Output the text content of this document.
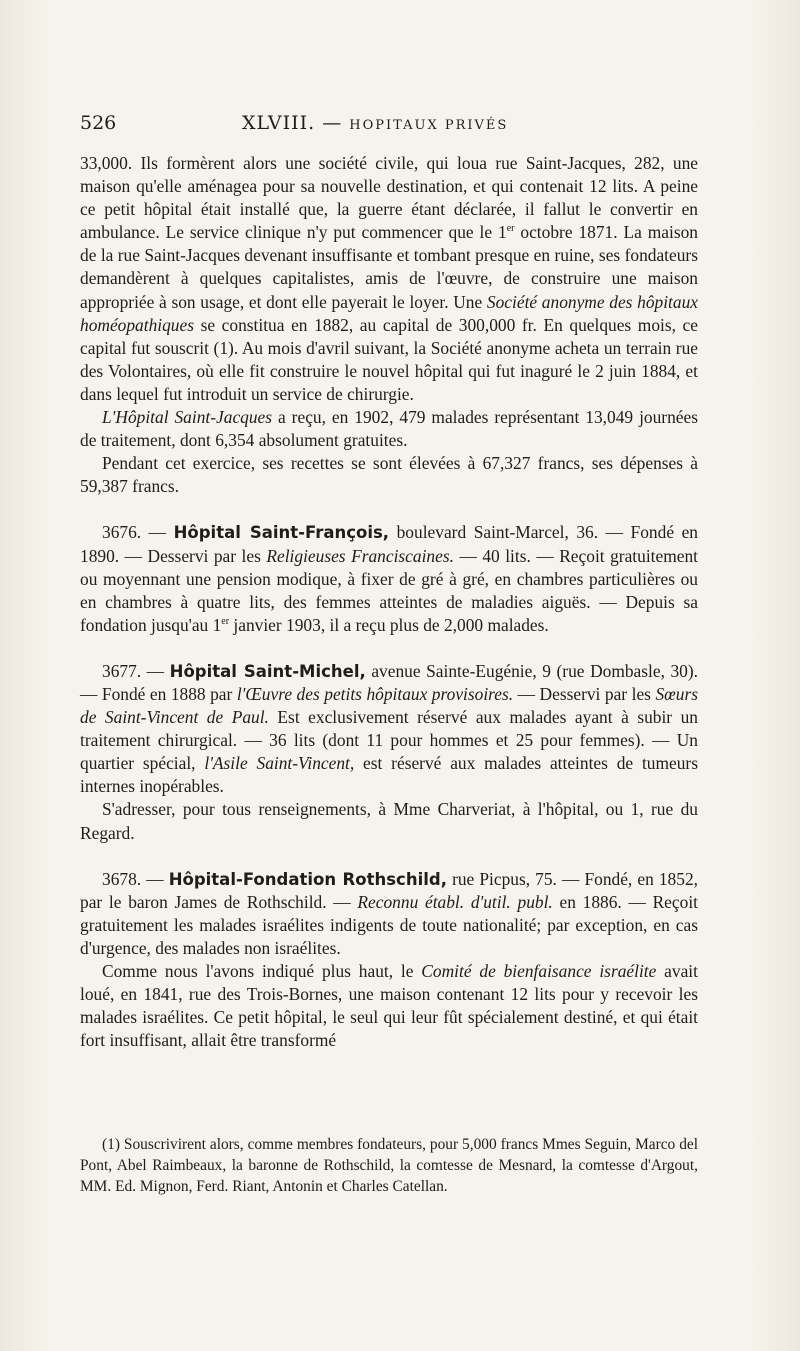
526	XLVIII. — HOPITAUX PRIVÉS

33,000. Ils formèrent alors une société civile, qui loua rue Saint-Jacques, 282, une maison qu'elle aménagea pour sa nouvelle destination, et qui contenait 12 lits. A peine ce petit hôpital était installé que, la guerre étant déclarée, il fallut le convertir en ambulance. Le service clinique n'y put commencer que le 1er octobre 1871. La maison de la rue Saint-Jacques devenant insuffisante et tombant presque en ruine, ses fondateurs demandèrent à quelques capitalistes, amis de l'œuvre, de construire une maison appropriée à son usage, et dont elle payerait le loyer. Une Société anonyme des hôpitaux homéopathiques se constitua en 1882, au capital de 300,000 fr. En quelques mois, ce capital fut souscrit (1). Au mois d'avril suivant, la Société anonyme acheta un terrain rue des Volontaires, où elle fit construire le nouvel hôpital qui fut inaguré le 2 juin 1884, et dans lequel fut introduit un service de chirurgie.

L'Hôpital Saint-Jacques a reçu, en 1902, 479 malades représentant 13,049 journées de traitement, dont 6,354 absolument gratuites.

Pendant cet exercice, ses recettes se sont élevées à 67,327 francs, ses dépenses à 59,387 francs.

3676. — Hôpital Saint-François, boulevard Saint-Marcel, 36. — Fondé en 1890. — Desservi par les Religieuses Franciscaines. — 40 lits. — Reçoit gratuitement ou moyennant une pension modique, à fixer de gré à gré, en chambres particulières ou en chambres à quatre lits, des femmes atteintes de maladies aiguës. — Depuis sa fondation jusqu'au 1er janvier 1903, il a reçu plus de 2,000 malades.

3677. — Hôpital Saint-Michel, avenue Sainte-Eugénie, 9 (rue Dombasle, 30). — Fondé en 1888 par l'Œuvre des petits hôpitaux provisoires. — Desservi par les Sœurs de Saint-Vincent de Paul. Est exclusivement réservé aux malades ayant à subir un traitement chirurgical. — 36 lits (dont 11 pour hommes et 25 pour femmes). — Un quartier spécial, l'Asile Saint-Vincent, est réservé aux malades atteintes de tumeurs internes inopérables.

S'adresser, pour tous renseignements, à Mme Charveriat, à l'hôpital, ou 1, rue du Regard.

3678. — Hôpital-Fondation Rothschild, rue Picpus, 75. — Fondé, en 1852, par le baron James de Rothschild. — Reconnu établ. d'util. publ. en 1886. — Reçoit gratuitement les malades israélites indigents de toute nationalité; par exception, en cas d'urgence, des malades non israélites.

Comme nous l'avons indiqué plus haut, le Comité de bienfaisance israélite avait loué, en 1841, rue des Trois-Bornes, une maison contenant 12 lits pour y recevoir les malades israélites. Ce petit hôpital, le seul qui leur fût spécialement destiné, et qui était fort insuffisant, allait être transformé

(1) Souscrivirent alors, comme membres fondateurs, pour 5,000 francs Mmes Seguin, Marco del Pont, Abel Raimbeaux, la baronne de Rothschild, la comtesse de Mesnard, la comtesse d'Argout, MM. Ed. Mignon, Ferd. Riant, Antonin et Charles Catellan.
